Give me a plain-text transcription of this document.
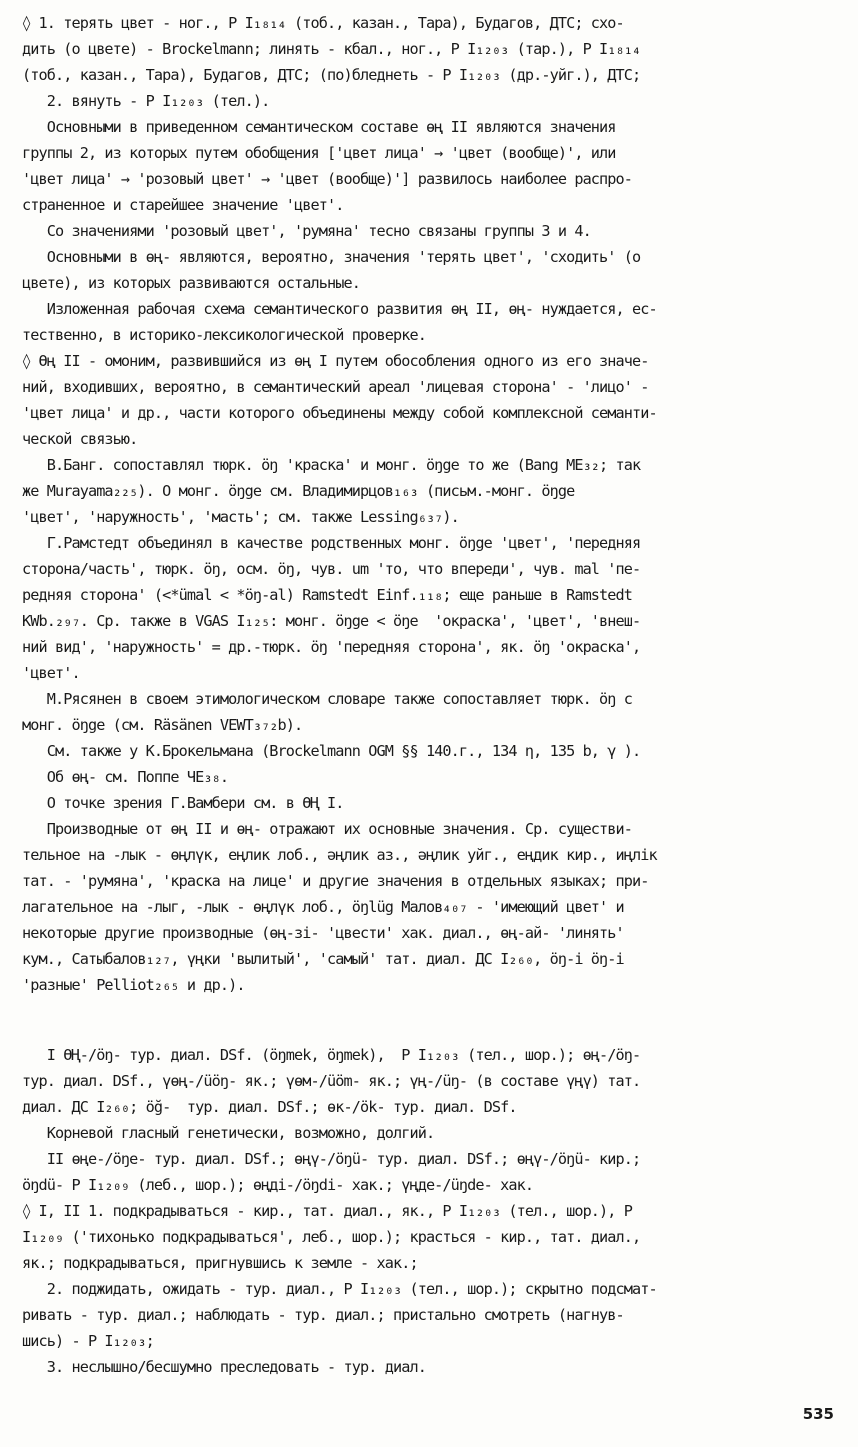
◊ 1. терять цвет - ног., Р I₁₈₁₄ (тоб., казан., Тара), Будагов, ДТС; схо-
дить (о цвете) - Brockelmann; линять - кбал., ног., Р I₁₂₀₃ (тар.), Р I₁₈₁₄
(тоб., казан., Тара), Будагов, ДТС; (по)бледнеть - Р I₁₂₀₃ (др.-уйг.), ДТС;
2. вянуть - Р I₁₂₀₃ (тел.).
Основными в приведенном семантическом составе өң II являются значения
группы 2, из которых путем обобщения ['цвет лица' → 'цвет (вообще)', или
'цвет лица' → 'розовый цвет' → 'цвет (вообще)'] развилось наиболее распро-
страненное и старейшее значение 'цвет'.
Со значениями 'розовый цвет', 'румяна' тесно связаны группы 3 и 4.
Основными в өң- являются, вероятно, значения 'терять цвет', 'сходить' (о
цвете), из которых развиваются остальные.
Изложенная рабочая схема семантического развития өң II, өң- нуждается, ес-
тественно, в историко-лексикологической проверке.
◊ Өң II - омоним, развившийся из өң I путем обособления одного из его значе-
ний, входивших, вероятно, в семантический ареал 'лицевая сторона' - 'лицо' -
'цвет лица' и др., части которого объединены между собой комплексной семанти-
ческой связью.
В.Банг. сопоставлял тюрк. öŋ 'краска' и монг. öŋge то же (Bang ME₃₂; так
же Murayama₂₂₅). О монг. öŋge см. Владимирцов₁₆₃ (письм.-монг. öŋge
'цвет', 'наружность', 'масть'; см. также Lessing₆₃₇).
Г.Рамстедт объединял в качестве родственных монг. öŋge 'цвет', 'передняя
сторона/часть', тюрк. öŋ, осм. öŋ, чув. um 'то, что впереди', чув. mal 'пе-
редняя сторона' (<*ümal < *öŋ-al) Ramstedt Einf.₁₁₈; еще раньше в Ramstedt
KWb.₂₉₇. Ср. также в VGAS I₁₂₅: монг. öŋge < öŋe  'окраска', 'цвет', 'внеш-
ний вид', 'наружность' = др.-тюрк. öŋ 'передняя сторона', як. öŋ 'окраска',
'цвет'.
М.Рясянен в своем этимологическом словаре также сопоставляет тюрк. öŋ с
монг. öŋge (см. Räsänen VEWT₃₇₂b).
См. также у К.Брокельмана (Brockelmann OGM §§ 140.г., 134 η, 135 b, γ ).
Об өң- см. Поппе ЧЕ₃₈.
О точке зрения Г.Вамбери см. в ӨҢ I.
Производные от өң II и өң- отражают их основные значения. Ср. существи-
тельное на -лык - өңлүк, еңлик лоб., әңлик аз., әңлик уйг., еңдик кир., иңлік
тат. - 'румяна', 'краска на лице' и другие значения в отдельных языках; при-
лагательное на -лыг, -лык - өңлүк лоб., öŋlüg Малов₄₀₇ - 'имеющий цвет' и
некоторые другие производные (өң-зі- 'цвести' хак. диал., өң-ай- 'линять'
кум., Сатыбалов₁₂₇, үңки 'вылитый', 'самый' тат. диал. ДС I₂₆₀, öŋ-i öŋ-i
'разные' Pelliot₂₆₅ и др.).
I ӨҢ-/öŋ- тур. диал. DSf. (öŋmek, öŋmek),  Р I₁₂₀₃ (тел., шор.); өң-/öŋ-
тур. диал. DSf., үөң-/üöŋ- як.; үөм-/üöm- як.; үң-/üŋ- (в составе үңү) тат.
диал. ДС I₂₆₀; öğ-  тур. диал. DSf.; өк-/ök- тур. диал. DSf.
Корневой гласный генетически, возможно, долгий.
II өңе-/öŋe- тур. диал. DSf.; өңү-/öŋü- тур. диал. DSf.; өңү-/öŋü- кир.;
öŋdü- Р I₁₂₀₉ (леб., шор.); өңді-/öŋdi- хак.; үңде-/üŋde- хак.
◊ I, II 1. подкрадываться - кир., тат. диал., як., Р I₁₂₀₃ (тел., шор.), Р
I₁₂₀₉ ('тихонько подкрадываться', леб., шор.); красться - кир., тат. диал.,
як.; подкрадываться, пригнувшись к земле - хак.;
2. поджидать, ожидать - тур. диал., Р I₁₂₀₃ (тел., шор.); скрытно подсмат-
ривать - тур. диал.; наблюдать - тур. диал.; пристально смотреть (нагнув-
шись) - Р I₁₂₀₃;
3. неслышно/бесшумно преследовать - тур. диал.
535
